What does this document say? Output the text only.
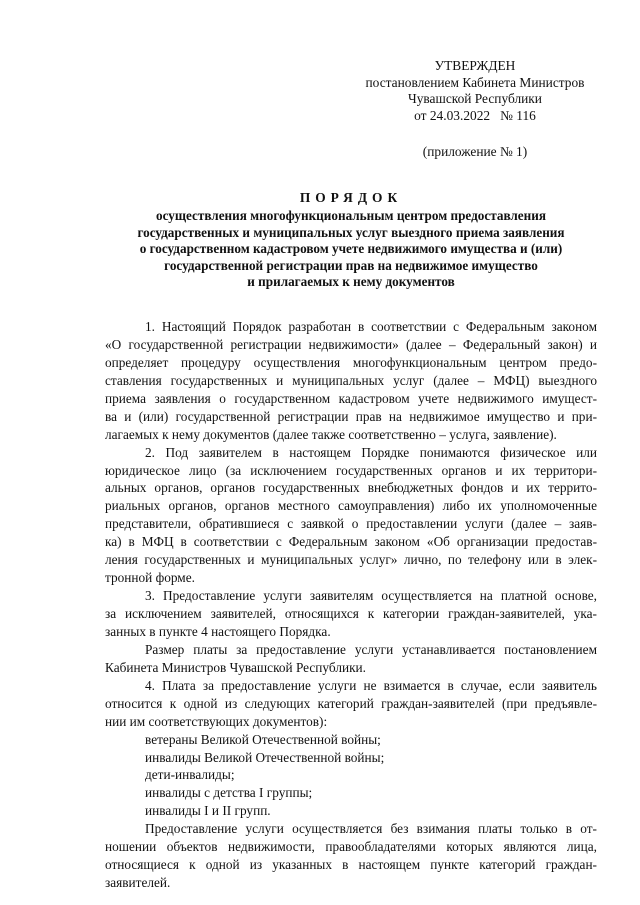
УТВЕРЖДЕН
постановлением Кабинета Министров
Чувашской Республики
от 24.03.2022   № 116
(приложение № 1)
ПОРЯДОК
осуществления многофункциональным центром предоставления
государственных и муниципальных услуг выездного приема заявления
о государственном кадастровом учете недвижимого имущества и (или)
государственной регистрации прав на недвижимое имущество
и прилагаемых к нему документов
1. Настоящий Порядок разработан в соответствии с Федеральным законом
«О государственной регистрации недвижимости» (далее – Федеральный закон) и
определяет процедуру осуществления многофункциональным центром предо-
ставления государственных и муниципальных услуг (далее – МФЦ) выездного
приема заявления о государственном кадастровом учете недвижимого имущест-
ва и (или) государственной регистрации прав на недвижимое имущество и при-
лагаемых к нему документов (далее также соответственно – услуга, заявление).
2. Под заявителем в настоящем Порядке понимаются физическое или
юридическое лицо (за исключением государственных органов и их территори-
альных органов, органов государственных внебюджетных фондов и их террито-
риальных органов, органов местного самоуправления) либо их уполномоченные
представители, обратившиеся с заявкой о предоставлении услуги (далее – заяв-
ка) в МФЦ в соответствии с Федеральным законом «Об организации предостав-
ления государственных и муниципальных услуг» лично, по телефону или в элек-
тронной форме.
3. Предоставление услуги заявителям осуществляется на платной основе,
за исключением заявителей, относящихся к категории граждан-заявителей, ука-
занных в пункте 4 настоящего Порядка.
Размер платы за предоставление услуги устанавливается постановлением
Кабинета Министров Чувашской Республики.
4. Плата за предоставление услуги не взимается в случае, если заявитель
относится к одной из следующих категорий граждан-заявителей (при предъявле-
нии им соответствующих документов):
ветераны Великой Отечественной войны;
инвалиды Великой Отечественной войны;
дети-инвалиды;
инвалиды с детства I группы;
инвалиды I и II групп.
Предоставление услуги осуществляется без взимания платы только в от-
ношении объектов недвижимости, правообладателями которых являются лица,
относящиеся к одной из указанных в настоящем пункте категорий граждан-
заявителей.
